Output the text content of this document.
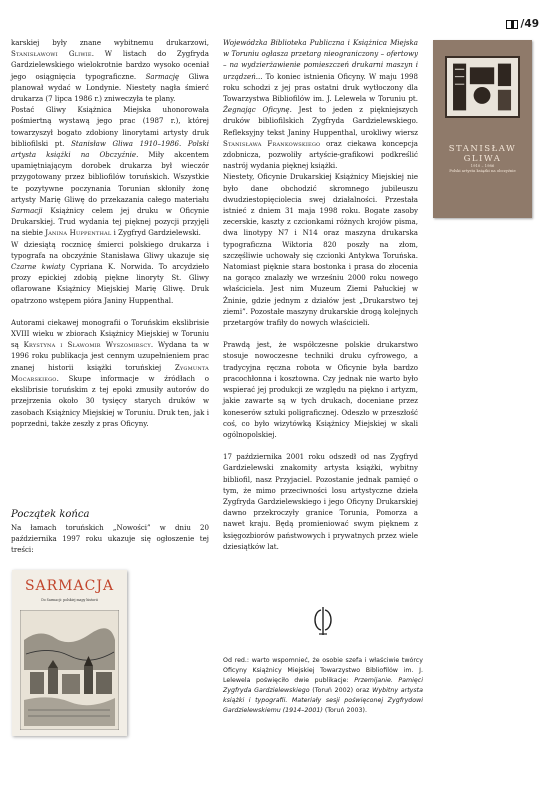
/49

karskiej były znane wybitnemu drukarzowi, Stanisławowi Gliwie. W listach do Zygfryda Gardzielewskiego wielokrotnie bardzo wysoko oceniał jego osiągnięcia typograficzne. Sarmację Gliwa planował wydać w Londynie. Niestety nagła śmierć drukarza (7 lipca 1986 r.) zniweczyła te plany.

Postać Gliwy Książnica Miejska uhonorowała pośmiertną wystawą jego prac (1987 r.), której towarzyszył bogato zdobiony linorytami artysty druk bibliofilski pt. Stanisław Gliwa 1910–1986. Polski artysta książki na Obczyźnie. Miły akcentem upamiętniającym dorobek drukarza był wieczór przygotowany przez bibliofilów toruńskich. Wszystkie te pozytywne poczynania Torunian skłoniły żonę artysty Marię Gliwę do przekazania całego materiału Sarmacji Książnicy celem jej druku w Oficynie Drukarskiej. Trud wydania tej pięknej pozycji przyjęli na siebie Janina Huppenthal i Zygfryd Gardzielewski.

W dziesiątą rocznicę śmierci polskiego drukarza i typografa na obczyźnie Stanisława Gliwy ukazuje się Czarne kwiaty Cypriana K. Norwida. To arcydzieło prozy epickiej zdobią piękne linoryty St. Gliwy oflarowane Książnicy Miejskiej Marię Gliwę. Druk opatrzono wstępem pióra Janiny Huppenthal.

Autorami ciekawej monografii o Toruńskim ekslibrisie XVIII wieku w zbiorach Książnicy Miejskiej w Toruniu są Krystyna i Sławomir Wyszomirscy. Wydana ta w 1996 roku publikacja jest cennym uzupełnieniem prac znanej historii książki toruńskiej Zygmunta Mocarskiego. Skupe informacje w źródłach o ekslibrisie toruńskim z tej epoki zmusiły autorów do przejrzenia około 30 tysięcy starych druków w zasobach Książnicy Miejskiej w Toruniu. Druk ten, jak i poprzedni, także zeszły z pras Oficyny.

Początek końca

Na łamach toruńskich „Nowości” w dniu 20 października 1997 roku ukazuje się ogłoszenie tej treści:

SARMACJA
Do Sarmacji: polskiej mapy historii

Wojewódzka Biblioteka Publiczna i Książnica Miejska w Toruniu ogłasza przetarg nieograniczony – ofertowy – na wydzierżawienie pomieszczeń drukarni maszyn i urządzeń... To koniec istnienia Oficyny. W maju 1998 roku schodzi z jej pras ostatni druk wytłoczony dla Towarzystwa Bibliofilów im. J. Lelewela w Toruniu pt. Żegnając Oficynę. Jest to jeden z piękniejszych druków bibliofilskich Zygfryda Gardzielewskiego. Refleksyjny tekst Janiny Huppenthal, urokliwy wiersz Stanisława Frankowskiego oraz ciekawa koncepcja zdobnicza, pozwoliły artyście-grafikowi podkreślić nastrój wydania pięknej książki.

Niestety, Oficynie Drukarskiej Książnicy Miejskiej nie było dane obchodzić skromnego jubileuszu dwudziestopięciolecia swej działalności. Przestała istnieć z dniem 31 maja 1998 roku. Bogate zasoby zecerskie, kaszty z czcionkami różnych krojów pisma, dwa linotypy N7 i N14 oraz maszyna drukarska typograficzna Wiktoria 820 poszły na złom, szczęśliwie uchowały się czcionki Antykwa Toruńska. Natomiast pięknie stara bostonka i prasa do złocenia na gorąco znalazły we wrześniu 2000 roku nowego właściciela. Jest nim Muzeum Ziemi Pałuckiej w Żninie, gdzie jednym z działów jest „Drukarstwo tej ziemi”. Pozostałe maszyny drukarskie drogą kolejnych przetargów trafiły do nowych właścicieli.

Prawdą jest, że współczesne polskie drukarstwo stosuje nowoczesne techniki druku cyfrowego, a tradycyjna ręczna robota w Oficynie była bardzo pracochłonna i kosztowna. Czy jednak nie warto było wspierać jej produkcji ze względu na piękno i artyzm, jakie zawarte są w tych drukach, doceniane przez koneserów sztuki poligraficznej. Odeszło w przeszłość coś, co było wizytówką Książnicy Miejskiej w skali ogólnopolskiej.

17 października 2001 roku odszedł od nas Zygfryd Gardzielewski znakomity artysta książki, wybitny bibliofil, nasz Przyjaciel. Pozostanie jednak pamięć o tym, że mimo przeciwności losu artystyczne dzieła Zygfryda Gardzielewskiego i jego Oficyny Drukarskiej dawno przekroczyły granice Torunia, Pomorza a nawet kraju. Będą promieniować swym pięknem z księgozbiorów państwowych i prywatnych przez wiele dziesiątków lat.

STANISŁAW GLIWA
1910 – 1986
Polski artysta książki na obczyźnie
Od red.: warto wspomnieć, że osobie szefa i właściwie twórcy Oficyny Książnicy Miejskiej Towarzystwo Bibliofilów im. J. Lelewela poświęciło dwie publikacje: Przemijanie. Pamięci Zygfryda Gardzielewskiego (Toruń 2002) oraz Wybitny artysta książki i typografii. Materiały sesji poświęconej Zygfrydowi Gardzielewskiemu (1914–2001) (Toruń 2003).
